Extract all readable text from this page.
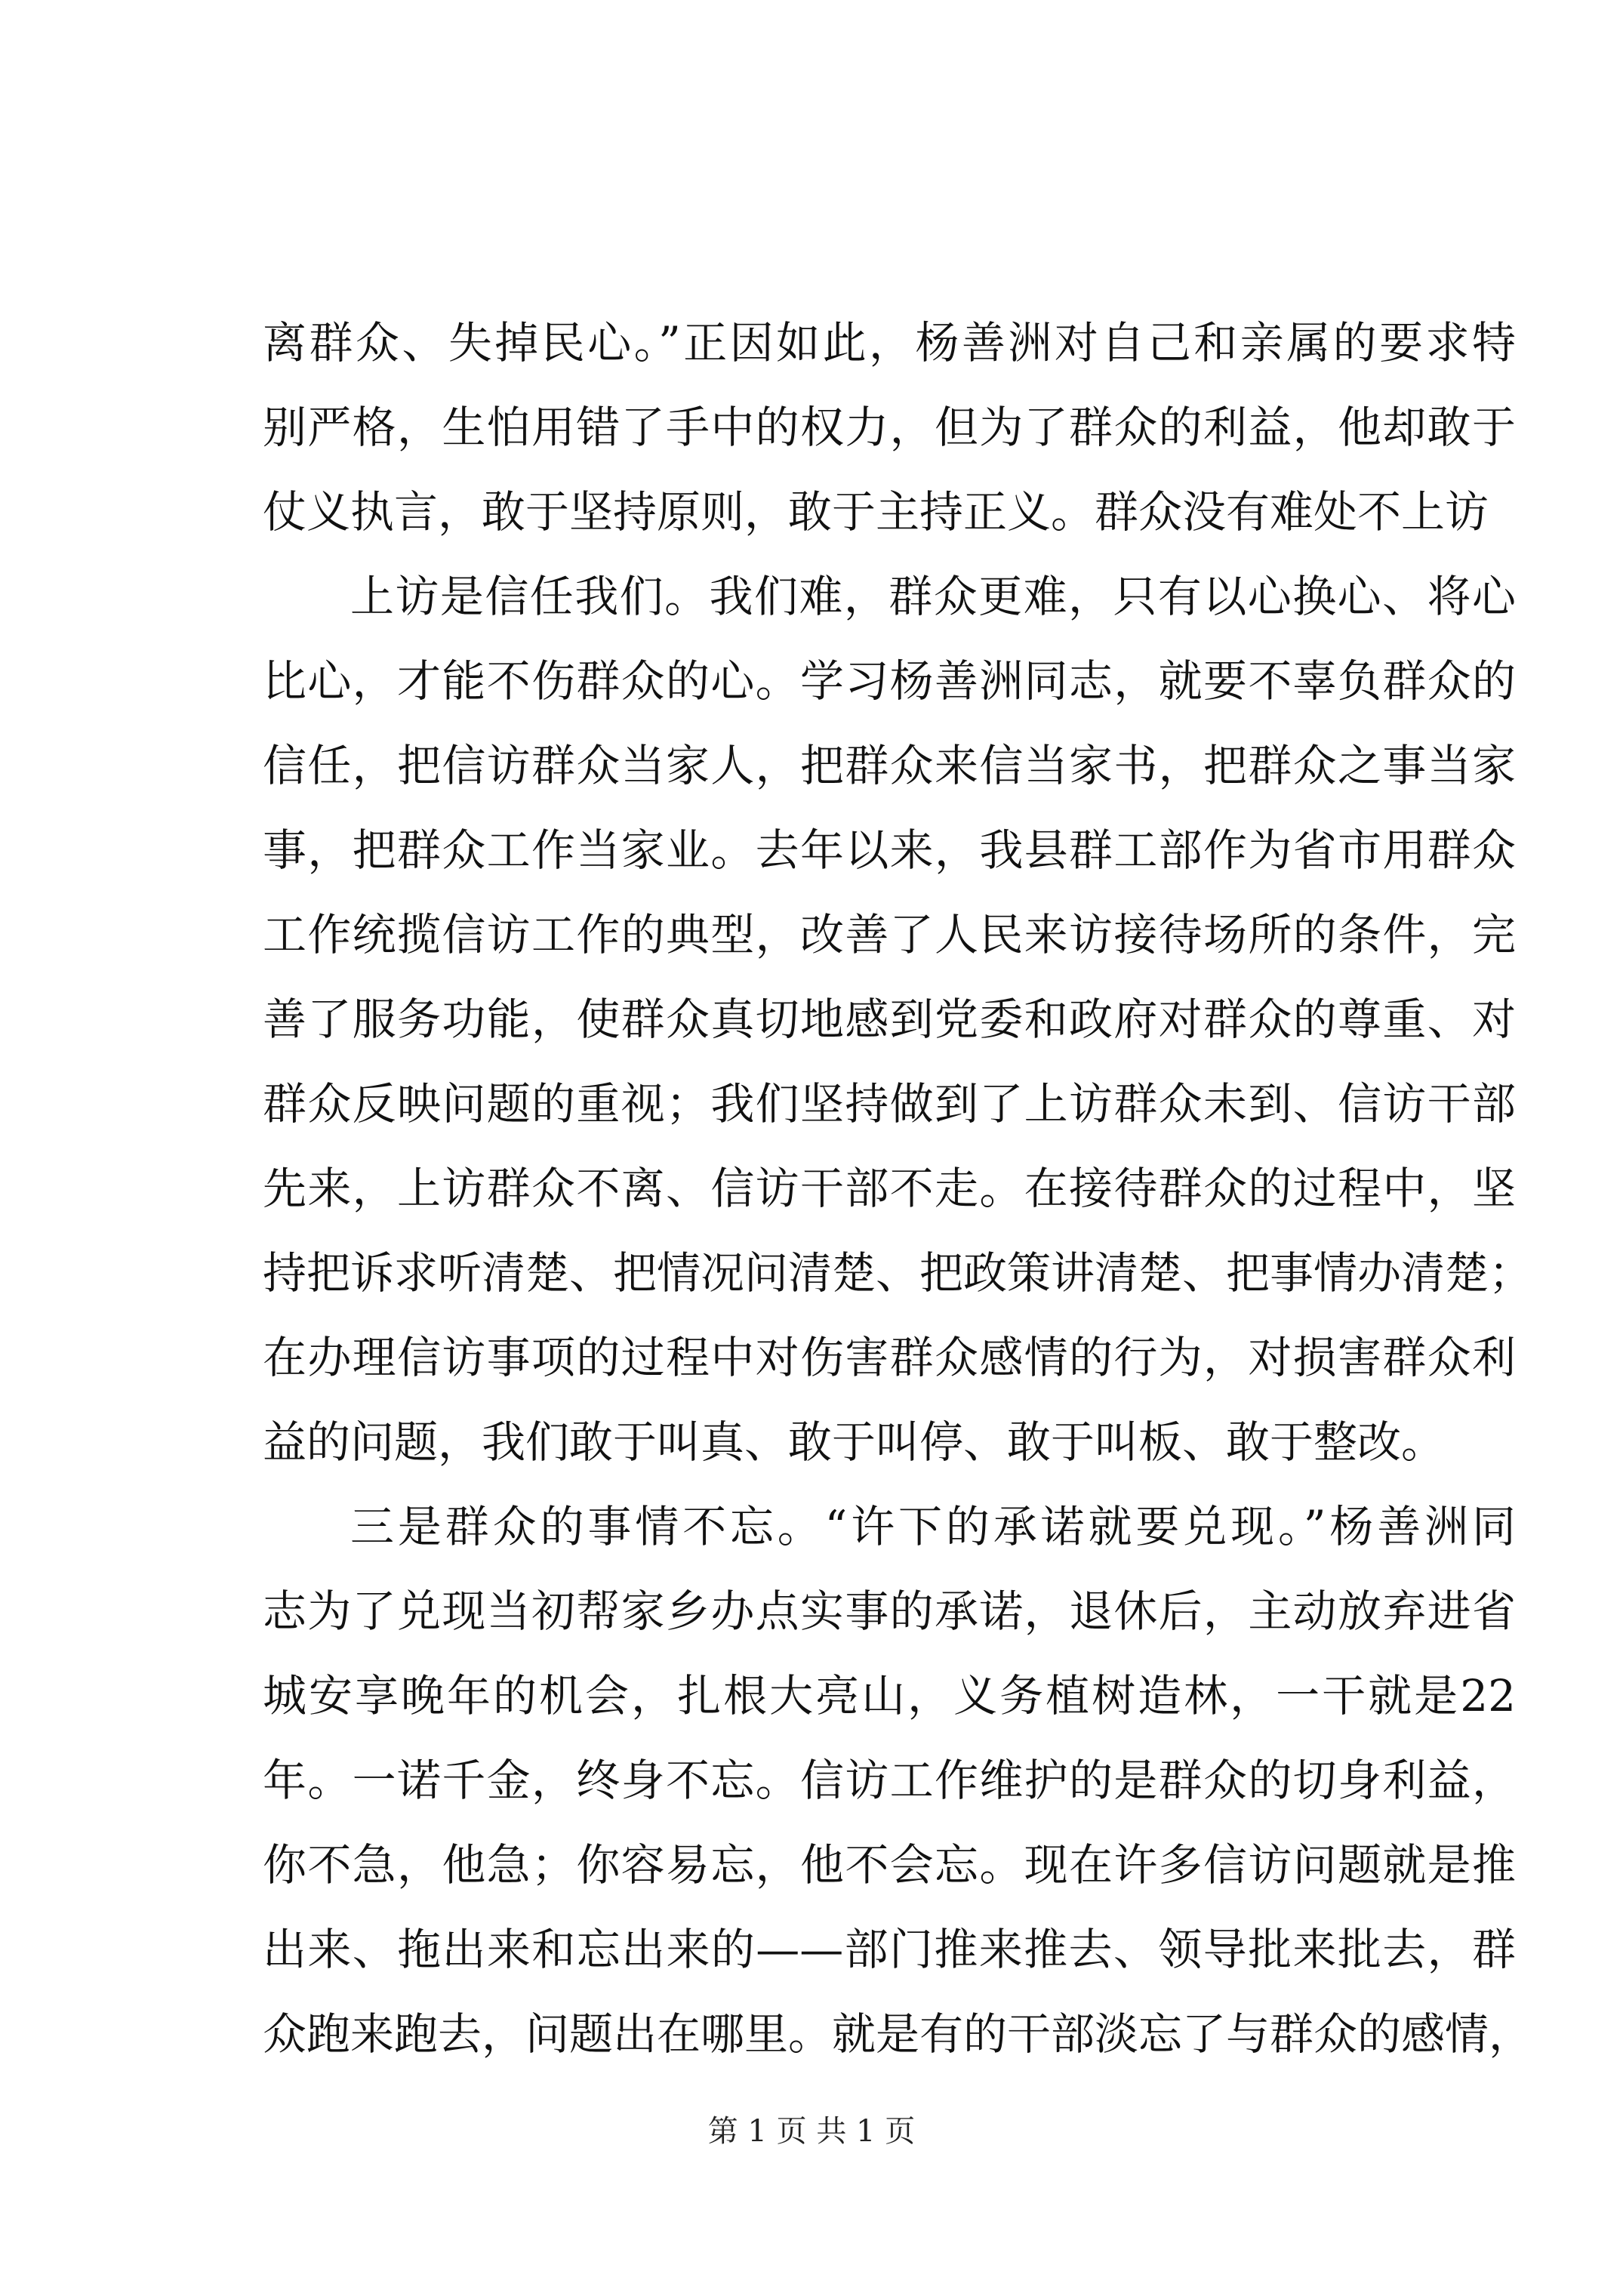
离群众、失掉民心。”正因如此，杨善洲对自己和亲属的要求特
别严格，生怕用错了手中的权力，但为了群众的利益，他却敢于
仗义执言，敢于坚持原则，敢于主持正义。群众没有难处不上访
上访是信任我们。我们难，群众更难，只有以心换心、将心
比心，才能不伤群众的心。学习杨善洲同志，就要不辜负群众的
信任，把信访群众当家人，把群众来信当家书，把群众之事当家
事，把群众工作当家业。去年以来，我县群工部作为省市用群众
工作统揽信访工作的典型，改善了人民来访接待场所的条件，完
善了服务功能，使群众真切地感到党委和政府对群众的尊重、对
群众反映问题的重视；我们坚持做到了上访群众未到、信访干部
先来，上访群众不离、信访干部不走。在接待群众的过程中，坚
持把诉求听清楚、把情况问清楚、把政策讲清楚、把事情办清楚；
在办理信访事项的过程中对伤害群众感情的行为，对损害群众利
益的问题，我们敢于叫真、敢于叫停、敢于叫板、敢于整改。
三是群众的事情不忘。“许下的承诺就要兑现。”杨善洲同
志为了兑现当初帮家乡办点实事的承诺，退休后，主动放弃进省
城安享晚年的机会，扎根大亮山，义务植树造林，一干就是22
年。一诺千金，终身不忘。信访工作维护的是群众的切身利益，
你不急，他急；你容易忘，他不会忘。现在许多信访问题就是推
出来、拖出来和忘出来的——部门推来推去、领导批来批去，群
众跑来跑去，问题出在哪里。就是有的干部淡忘了与群众的感情，
第 1 页 共 1 页
